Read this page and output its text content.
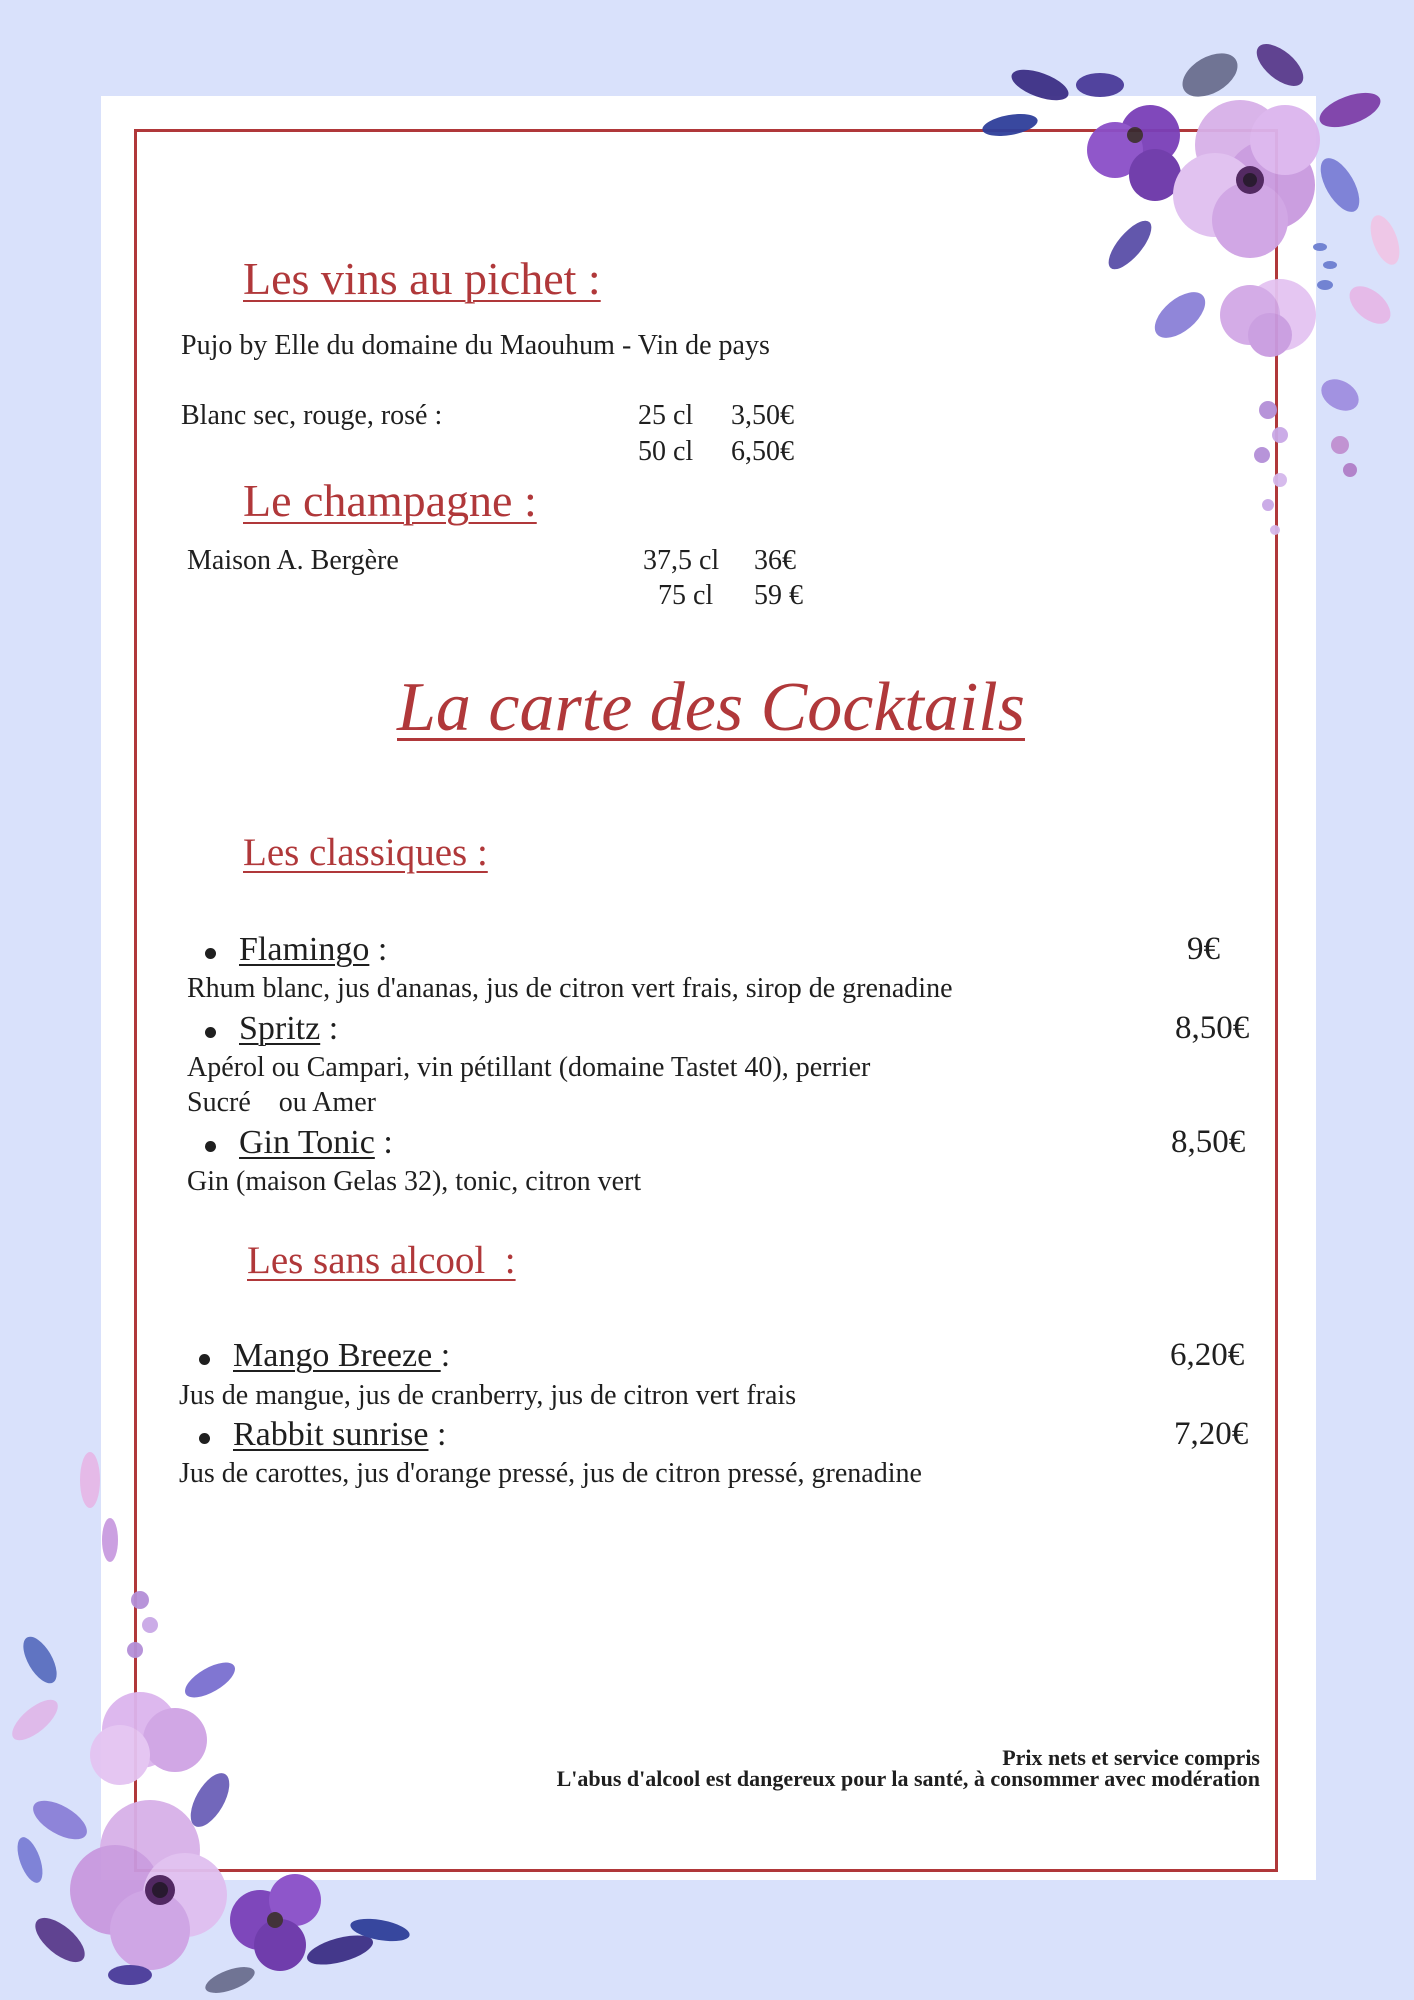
Les vins au pichet :
Pujo by Elle du domaine du Maouhum - Vin de pays
Blanc sec, rouge, rosé :	25 cl 3,50€
50 cl 6,50€
Le champagne :
Maison A. Bergère	37,5 cl 36€
75 cl 59 €
La carte des Cocktails
Les classiques :
Flamingo :	9€
Rhum blanc, jus d'ananas, jus de citron vert frais, sirop de grenadine
Spritz :	8,50€
Apérol ou Campari, vin pétillant (domaine Tastet 40), perrier
Sucré    ou Amer
Gin Tonic :	8,50€
Gin (maison Gelas 32), tonic, citron vert
Les sans alcool  :
Mango Breeze :	6,20€
Jus de mangue, jus de cranberry, jus de citron vert frais
Rabbit sunrise :	7,20€
Jus de carottes, jus d'orange pressé, jus de citron pressé, grenadine
Prix nets et service compris
L'abus d'alcool est dangereux pour la santé, à consommer avec modération
